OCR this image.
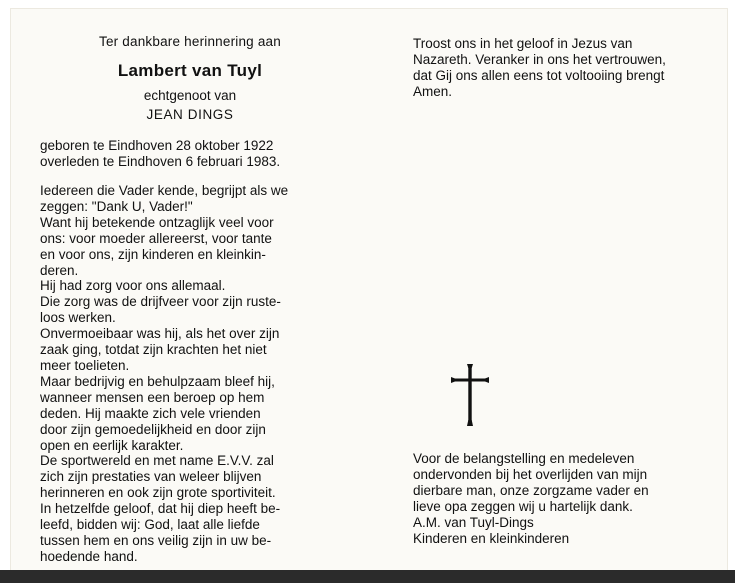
Ter dankbare herinnering aan
Lambert van Tuyl
echtgenoot van
JEAN DINGS
geboren te Eindhoven 28 oktober 1922
overleden te Eindhoven 6 februari 1983.
Iedereen die Vader kende, begrijpt als we
zeggen: "Dank U, Vader!"
Want hij betekende ontzaglijk veel voor
ons: voor moeder allereerst, voor tante
en voor ons, zijn kinderen en kleinkin-
deren.
Hij had zorg voor ons allemaal.
Die zorg was de drijfveer voor zijn ruste-
loos werken.
Onvermoeibaar was hij, als het over zijn
zaak ging, totdat zijn krachten het niet
meer toelieten.
Maar bedrijvig en behulpzaam bleef hij,
wanneer mensen een beroep op hem
deden. Hij maakte zich vele vrienden
door zijn gemoedelijkheid en door zijn
open en eerlijk karakter.
De sportwereld en met name E.V.V. zal
zich zijn prestaties van weleer blijven
herinneren en ook zijn grote sportiviteit.
In hetzelfde geloof, dat hij diep heeft be-
leefd, bidden wij: God, laat alle liefde
tussen hem en ons veilig zijn in uw be-
hoedende hand.
Troost ons in het geloof in Jezus van
Nazareth. Veranker in ons het vertrouwen,
dat Gij ons allen eens tot voltooiing brengt
Amen.
Voor de belangstelling en medeleven
ondervonden bij het overlijden van mijn
dierbare man, onze zorgzame vader en
lieve opa zeggen wij u hartelijk dank.
A.M. van Tuyl-Dings
Kinderen en kleinkinderen
